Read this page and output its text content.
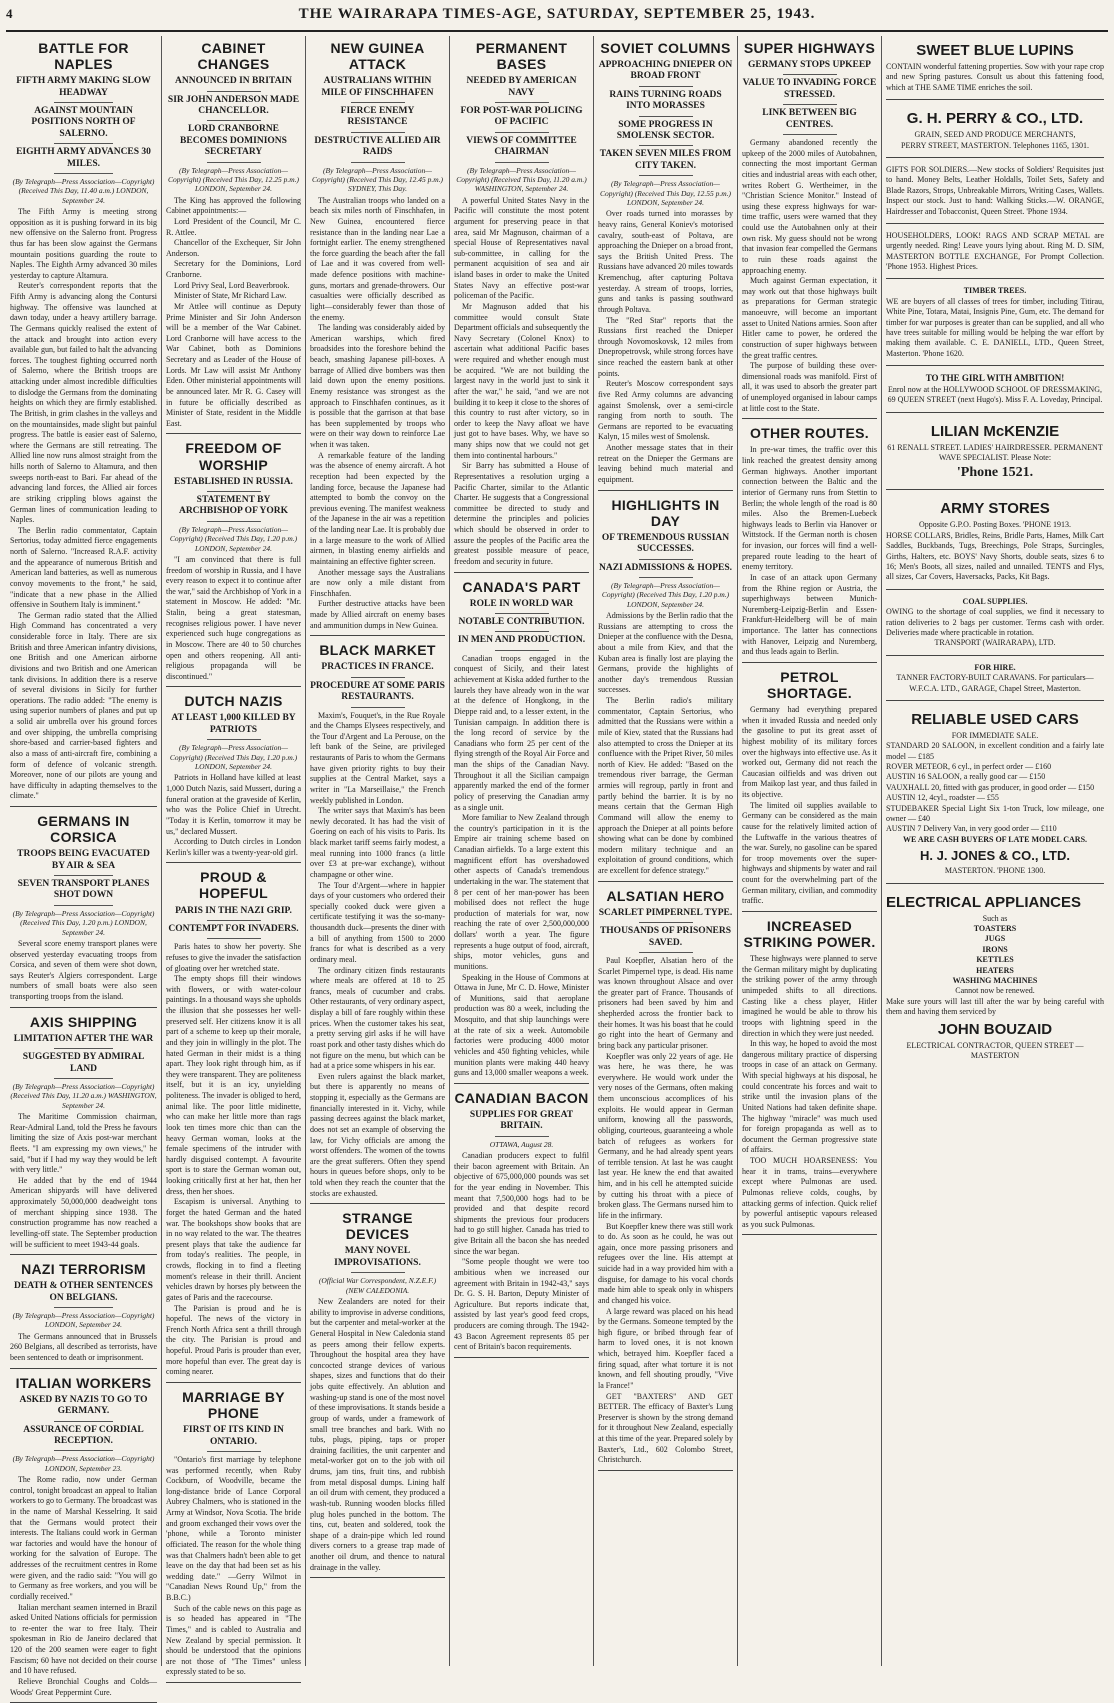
4	THE WAIRARAPA TIMES-AGE, SATURDAY, SEPTEMBER 25, 1943.
BATTLE FOR NAPLES
FIFTH ARMY MAKING SLOW HEADWAY
AGAINST MOUNTAIN POSITIONS NORTH OF SALERNO.
EIGHTH ARMY ADVANCES 30 MILES.
(By Telegraph—Press Association—Copyright) (Received This Day, 11.40 a.m.) LONDON, September 24.

The Fifth Army is meeting strong opposition as it is pushing forward in its big new offensive on the Salerno front. Progress thus far has been slow against the Germans mountain positions guarding the route to Naples. The Eighth Army advanced 30 miles yesterday to capture Altamura.

Reuter's correspondent reports that the Fifth Army is advancing along the Contursi highway. The offensive was launched at dawn today, under a heavy artillery barrage. The Germans quickly realised the extent of the attack and brought into action every available gun, but failed to halt the advancing forces. The toughest fighting occurred north of Salerno, where the British troops are attacking under almost incredible difficulties to dislodge the Germans from the dominating heights on which they are firmly established. The British, in grim clashes in the valleys and on the mountainsides, made slight but painful progress. The battle is easier east of Salerno, where the Germans are still retreating. The Allied line now runs almost straight from the hills north of Salerno to Altamura, and then sweeps north-east to Bari. Far ahead of the advancing land forces, the Allied air forces are striking crippling blows against the German lines of communication leading to Naples.

The Berlin radio commentator, Captain Sertorius, today admitted fierce engagements north of Salerno. "Increased R.A.F. activity and the appearance of numerous British and American land batteries, as well as numerous convoy movements to the front," he said, "indicate that a new phase in the Allied offensive in Southern Italy is imminent."

The German radio stated that the Allied High Command has concentrated a very considerable force in Italy. There are six British and three American infantry divisions, one British and one American airborne divisions and two British and one American tank divisions. In addition there is a reserve of several divisions in Sicily for further operations. The radio added: "The enemy is using superior numbers of planes and put up a solid air umbrella over his ground forces and over shipping, the umbrella comprising shore-based and carrier-based fighters and also a mass of anti-aircraft fire, combining a form of defence of volcanic strength. Moreover, none of our pilots are young and have difficulty in adapting themselves to the climate."

GERMANS IN CORSICA
TROOPS BEING EVACUATED BY AIR & SEA
SEVEN TRANSPORT PLANES SHOT DOWN
(By Telegraph—Press Association—Copyright) (Received This Day, 1.20 p.m.) LONDON, September 24.

Several score enemy transport planes were observed yesterday evacuating troops from Corsica, and seven of them were shot down, says Reuter's Algiers correspondent. Large numbers of small boats were also seen transporting troops from the island.

AXIS SHIPPING
LIMITATION AFTER THE WAR
SUGGESTED BY ADMIRAL LAND
(By Telegraph—Press Association—Copyright) (Received This Day, 11.20 a.m.) WASHINGTON, September 24.

The Maritime Commission chairman, Rear-Admiral Land, told the Press he favours limiting the size of Axis post-war merchant fleets. "I am expressing my own views," he said, "but if I had my way they would be left with very little."

He added that by the end of 1944 American shipyards will have delivered approximately 50,000,000 deadweight tons of merchant shipping since 1938. The construction programme has now reached a levelling-off state. The September production will be sufficient to meet 1943-44 goals.

NAZI TERRORISM
DEATH & OTHER SENTENCES ON BELGIANS.
(By Telegraph—Press Association—Copyright) LONDON, September 24.

The Germans announced that in Brussels 260 Belgians, all described as terrorists, have been sentenced to death or imprisonment.

ITALIAN WORKERS
ASKED BY NAZIS TO GO TO GERMANY.
ASSURANCE OF CORDIAL RECEPTION.
(By Telegraph—Press Association—Copyright) LONDON, September 23.

The Rome radio, now under German control, tonight broadcast an appeal to Italian workers to go to Germany. The broadcast was in the name of Marshal Kesselring. It said that the Germans would protect their interests. The Italians could work in German war factories and would have the honour of working for the salvation of Europe. The addresses of the recruitment centres in Rome were given, and the radio said: "You will go to Germany as free workers, and you will be cordially received."

Italian merchant seamen interned in Brazil asked United Nations officials for permission to re-enter the war to free Italy. Their spokesman in Rio de Janeiro declared that 120 of the 200 seamen were eager to fight Fascism; 60 have not decided on their course and 10 have refused.

Relieve Bronchial Coughs and Colds—Woods' Great Peppermint Cure.

CABINET CHANGES
ANNOUNCED IN BRITAIN
SIR JOHN ANDERSON MADE CHANCELLOR.
LORD CRANBORNE BECOMES DOMINIONS SECRETARY
(By Telegraph—Press Association—Copyright) (Received This Day, 12.25 p.m.) LONDON, September 24.

The King has approved the following Cabinet appointments:—

Lord President of the Council, Mr C. R. Attlee.

Chancellor of the Exchequer, Sir John Anderson.

Secretary for the Dominions, Lord Cranborne.

Lord Privy Seal, Lord Beaverbrook.

Minister of State, Mr Richard Law.

Mr Attlee will continue as Deputy Prime Minister and Sir John Anderson will be a member of the War Cabinet. Lord Cranborne will have access to the War Cabinet, both as Dominions Secretary and as Leader of the House of Lords. Mr Law will assist Mr Anthony Eden. Other ministerial appointments will be announced later. Mr R. G. Casey will in future be officially described as Minister of State, resident in the Middle East.

FREEDOM OF WORSHIP
ESTABLISHED IN RUSSIA.
STATEMENT BY ARCHBISHOP OF YORK
(By Telegraph—Press Association—Copyright) (Received This Day, 1.20 p.m.) LONDON, September 24.

"I am convinced that there is full freedom of worship in Russia, and I have every reason to expect it to continue after the war," said the Archbishop of York in a statement in Moscow. He added: "Mr. Stalin, being a great statesman, recognises religious power. I have never experienced such huge congregations as in Moscow. There are 40 to 50 churches open and others reopening. All anti-religious propaganda will be discontinued."

DUTCH NAZIS
AT LEAST 1,000 KILLED BY PATRIOTS
(By Telegraph—Press Association—Copyright) (Received This Day, 1.20 p.m.) LONDON, September 24.

Patriots in Holland have killed at least 1,000 Dutch Nazis, said Mussert, during a funeral oration at the graveside of Kerlin, who was the Police Chief in Utrecht. "Today it is Kerlin, tomorrow it may be us," declared Mussert.

According to Dutch circles in London Kerlin's killer was a twenty-year-old girl.

PROUD & HOPEFUL
PARIS IN THE NAZI GRIP.
CONTEMPT FOR INVADERS.

Paris hates to show her poverty. She refuses to give the invader the satisfaction of gloating over her wretched state.

The empty shops fill their windows with flowers, or with water-colour paintings. In a thousand ways she upholds the illusion that she possesses her well-preserved self. Her citizens know it is all part of a scheme to keep up their morale, and they join in willingly in the plot. The hated German in their midst is a thing apart. They look right through him, as if they were transparent. They are politeness itself, but it is an icy, unyielding politeness. The invader is obliged to herd, animal like. The poor little midinette, who can make her little more than rags look ten times more chic than can the heavy German woman, looks at the female specimens of the intruder with hardly disguised contempt. A favourite sport is to stare the German woman out, looking critically first at her hat, then her dress, then her shoes.

Escapism is universal. Anything to forget the hated German and the hated war. The bookshops show books that are in no way related to the war. The theatres present plays that take the audience far from today's realities. The people, in crowds, flocking in to find a fleeting moment's release in their thrill. Ancient vehicles drawn by horses ply between the gates of Paris and the racecourse.

The Parisian is proud and he is hopeful. The news of the victory in French North Africa sent a thrill through the city. The Parisian is proud and hopeful. Proud Paris is prouder than ever, more hopeful than ever. The great day is coming nearer.

MARRIAGE BY PHONE
FIRST OF ITS KIND IN ONTARIO.

"Ontario's first marriage by telephone was performed recently, when Ruby Cockburn, of Woodville, became the long-distance bride of Lance Corporal Aubrey Chalmers, who is stationed in the Army at Windsor, Nova Scotia. The bride and groom exchanged their vows over the 'phone, while a Toronto minister officiated. The reason for the whole thing was that Chalmers hadn't been able to get leave on the day that had been set as his wedding date." —Gerry Wilmot in "Canadian News Round Up," from the B.B.C.)

Such of the cable news on this page as is so headed has appeared in "The Times," and is cabled to Australia and New Zealand by special permission. It should be understood that the opinions are not those of "The Times" unless expressly stated to be so.

NEW GUINEA ATTACK
AUSTRALIANS WITHIN MILE OF FINSCHHAFEN
FIERCE ENEMY RESISTANCE
DESTRUCTIVE ALLIED AIR RAIDS
(By Telegraph—Press Association—Copyright) (Received This Day, 12.45 p.m.) SYDNEY, This Day.

The Australian troops who landed on a beach six miles north of Finschhafen, in New Guinea, encountered fierce resistance than in the landing near Lae a fortnight earlier. The enemy strengthened the force guarding the beach after the fall of Lae and it was covered from well-made defence positions with machine-guns, mortars and grenade-throwers. Our casualties were officially described as light—considerably fewer than those of the enemy.

The landing was considerably aided by American warships, which fired broadsides into the foreshore behind the beach, smashing Japanese pill-boxes. A barrage of Allied dive bombers was then laid down upon the enemy positions. Enemy resistance was strongest as the approach to Finschhafen continues, as it is possible that the garrison at that base has been supplemented by troops who were on their way down to reinforce Lae when it was taken.

A remarkable feature of the landing was the absence of enemy aircraft. A hot reception had been expected by the landing force, because the Japanese had attempted to bomb the convoy on the previous evening. The manifest weakness of the Japanese in the air was a repetition of the landing near Lae. It is probably due in a large measure to the work of Allied airmen, in blasting enemy airfields and maintaining an effective fighter screen.

Another message says the Australians are now only a mile distant from Finschhafen.

Further destructive attacks have been made by Allied aircraft on enemy bases and ammunition dumps in New Guinea.

BLACK MARKET
PRACTICES IN FRANCE.
PROCEDURE AT SOME PARIS RESTAURANTS.

Maxim's, Fouquet's, in the Rue Royale and the Champs Elysees respectively, and the Tour d'Argent and La Perouse, on the left bank of the Seine, are privileged restaurants of Paris to whom the Germans have given priority rights to buy their supplies at the Central Market, says a writer in "La Marseillaise," the French weekly published in London.

The writer says that Maxim's has been newly decorated. It has had the visit of Goering on each of his visits to Paris. Its black market tariff seems fairly modest, a meal running into 1000 francs (a little over £3 at pre-war exchange), without champagne or other wine.

The Tour d'Argent—where in happier days of your customers who ordered their specially cooked duck were given a certificate testifying it was the so-many-thousandth duck—presents the diner with a bill of anything from 1500 to 2000 francs for what is described as a very ordinary meal.

The ordinary citizen finds restaurants where meals are offered at 18 to 25 francs, meals of cucumber and crabs. Other restaurants, of very ordinary aspect, display a bill of fare roughly within these prices. When the customer takes his seat, a pretty serving girl asks if he will have roast pork and other tasty dishes which do not figure on the menu, but which can be had at a price some whispers in his ear.

Even rulers against the black market, but there is apparently no means of stopping it, especially as the Germans are financially interested in it. Vichy, while passing decrees against the black market, does not set an example of observing the law, for Vichy officials are among the worst offenders. The women of the towns are the great sufferers. Often they spend hours in queues before shops, only to be told when they reach the counter that the stocks are exhausted.

STRANGE DEVICES
MANY NOVEL IMPROVISATIONS.
(Official War Correspondent, N.Z.E.F.) (NEW CALEDONIA.

New Zealanders are noted for their ability to improvise in adverse conditions, but the carpenter and metal-worker at the General Hospital in New Caledonia stand as peers among their fellow experts. Throughout the hospital area they have concocted strange devices of various shapes, sizes and functions that do their jobs quite effectively. An ablution and washing-up stand is one of the most novel of these improvisations. It stands beside a group of wards, under a framework of small tree branches and bark. With no tubs, plugs, piping, taps or proper draining facilities, the unit carpenter and metal-worker got on to the job with oil drums, jam tins, fruit tins, and rubbish from metal disposal dumps. Lining half an oil drum with cement, they produced a wash-tub. Running wooden blocks filled plug holes punched in the bottom. The tins, cut, beaten and soldered, took the shape of a drain-pipe which led round divers corners to a grease trap made of another oil drum, and thence to natural drainage in the valley.

PERMANENT BASES
NEEDED BY AMERICAN NAVY
FOR POST-WAR POLICING OF PACIFIC
VIEWS OF COMMITTEE CHAIRMAN
(By Telegraph—Press Association—Copyright) (Received This Day, 11.20 a.m.) WASHINGTON, September 24.

A powerful United States Navy in the Pacific will constitute the most potent argument for preserving peace in that area, said Mr Magnuson, chairman of a special House of Representatives naval sub-committee, in calling for the permanent acquisition of sea and air island bases in order to make the United States Navy an effective post-war policeman of the Pacific.

Mr Magnuson added that his committee would consult State Department officials and subsequently the Navy Secretary (Colonel Knox) to ascertain what additional Pacific bases were required and whether enough must be acquired. "We are not building the largest navy in the world just to sink it after the war," he said, "and we are not building it to keep it close to the shores of this country to rust after victory, so in order to keep the Navy afloat we have just got to have bases. Why, we have so many ships now that we could not get them into continental harbours."

Sir Barry has submitted a House of Representatives a resolution urging a Pacific Charter, similar to the Atlantic Charter. He suggests that a Congressional committee be directed to study and determine the principles and policies which should be observed in order to assure the peoples of the Pacific area the greatest possible measure of peace, freedom and security in future.

CANADA'S PART
ROLE IN WORLD WAR
NOTABLE CONTRIBUTION.
IN MEN AND PRODUCTION.

Canadian troops engaged in the conquest of Sicily, and their latest achievement at Kiska added further to the laurels they have already won in the war at the defence of Hongkong, in the Dieppe raid and, to a lesser extent, in the Tunisian campaign. In addition there is the long record of service by the Canadians who form 25 per cent of the flying strength of the Royal Air Force and man the ships of the Canadian Navy. Throughout it all the Sicilian campaign apparently marked the end of the former policy of preserving the Canadian army as a single unit.

More familiar to New Zealand through the country's participation in it is the Empire air training scheme based on Canadian airfields. To a large extent this magnificent effort has overshadowed other aspects of Canada's tremendous undertaking in the war. The statement that 8 per cent of her man-power has been mobilised does not reflect the huge production of materials for war, now reaching the rate of over 2,500,000,000 dollars' worth a year. The figure represents a huge output of food, aircraft, ships, motor vehicles, guns and munitions.

Speaking in the House of Commons at Ottawa in June, Mr C. D. Howe, Minister of Munitions, said that aeroplane production was 80 a week, including the Mosquito, and that ship launchings were at the rate of six a week. Automobile factories were producing 4000 motor vehicles and 450 fighting vehicles, while munition plants were making 440 heavy guns and 13,000 smaller weapons a week.

CANADIAN BACON
SUPPLIES FOR GREAT BRITAIN.
OTTAWA, August 28.

Canadian producers expect to fulfil their bacon agreement with Britain. An objective of 675,000,000 pounds was set for the year ending in November. This meant that 7,500,000 hogs had to be provided and that despite record shipments the previous four producers had to go still higher. Canada has tried to give Britain all the bacon she has needed since the war began.

"Some people thought we were too ambitious when we increased our agreement with Britain in 1942-43," says Dr. G. S. H. Barton, Deputy Minister of Agriculture. But reports indicate that, assisted by last year's good feed crops, producers are coming through. The 1942-43 Bacon Agreement represents 85 per cent of Britain's bacon requirements.

SOVIET COLUMNS
APPROACHING DNIEPER ON BROAD FRONT
RAINS TURNING ROADS INTO MORASSES
SOME PROGRESS IN SMOLENSK SECTOR.
TAKEN SEVEN MILES FROM CITY TAKEN.
(By Telegraph—Press Association—Copyright) (Received This Day, 12.55 p.m.) LONDON, September 24.

Over roads turned into morasses by heavy rains, General Koniev's motorised cavalry, south-east of Poltava, are approaching the Dnieper on a broad front, says the British United Press. The Russians have advanced 20 miles towards Kremenchug, after capturing Poltava yesterday. A stream of troops, lorries, guns and tanks is passing southward through Poltava.

The "Red Star" reports that the Russians first reached the Dnieper through Novomoskovsk, 12 miles from Dnepropetrovsk, while strong forces have since reached the eastern bank at other points.

Reuter's Moscow correspondent says five Red Army columns are advancing against Smolensk, over a semi-circle ranging from north to south. The Germans are reported to be evacuating Kalyn, 15 miles west of Smolensk.

Another message states that in their retreat on the Dnieper the Germans are leaving behind much material and equipment.

HIGHLIGHTS IN DAY
OF TREMENDOUS RUSSIAN SUCCESSES.
NAZI ADMISSIONS & HOPES.
(By Telegraph—Press Association—Copyright) (Received This Day, 1.20 p.m.) LONDON, September 24.

Admissions by the Berlin radio that the Russians are attempting to cross the Dnieper at the confluence with the Desna, about a mile from Kiev, and that the Kuban area is finally lost are playing the Germans, provide the highlights of another day's tremendous Russian successes.

The Berlin radio's military commentator, Captain Sertorius, who admitted that the Russians were within a mile of Kiev, stated that the Russians had also attempted to cross the Dnieper at its confluence with the Pripet River, 50 miles north of Kiev. He added: "Based on the tremendous river barrage, the German armies will regroup, partly in front and partly behind the barrier. It is by no means certain that the German High Command will allow the enemy to approach the Dnieper at all points before showing what can be done by combined modern military technique and an exploitation of ground conditions, which are excellent for defence strategy."

ALSATIAN HERO
SCARLET PIMPERNEL TYPE.
THOUSANDS OF PRISONERS SAVED.

Paul Koepfler, Alsatian hero of the Scarlet Pimpernel type, is dead. His name was known throughout Alsace and over the greater part of France. Thousands of prisoners had been saved by him and shepherded across the frontier back to their homes. It was his boast that he could go right into the heart of Germany and bring back any particular prisoner.

Koepfler was only 22 years of age. He was here, he was there, he was everywhere. He would work under the very noses of the Germans, often making them unconscious accomplices of his exploits. He would appear in German uniform, knowing all the passwords, obliging, courteous, guaranteeing a whole batch of refugees as workers for Germany, and he had already spent years of terrible tension. At last he was caught last year. He knew the end that awaited him, and in his cell he attempted suicide by cutting his throat with a piece of broken glass. The Germans nursed him to life in the infirmary.

But Koepfler knew there was still work to do. As soon as he could, he was out again, once more passing prisoners and refugees over the line. His attempt at suicide had in a way provided him with a disguise, for damage to his vocal chords made him able to speak only in whispers and changed his voice.

A large reward was placed on his head by the Germans. Someone tempted by the high figure, or bribed through fear of harm to loved ones, it is not known which, betrayed him. Koepfler faced a firing squad, after what torture it is not known, and fell shouting proudly, "Vive la France!"

GET "BAXTERS" AND GET BETTER. The efficacy of Baxter's Lung Preserver is shown by the strong demand for it throughout New Zealand, especially at this time of the year. Prepared solely by Baxter's, Ltd., 602 Colombo Street, Christchurch.

SUPER HIGHWAYS
GERMANY STOPS UPKEEP
VALUE TO INVADING FORCE STRESSED.
LINK BETWEEN BIG CENTRES.

Germany abandoned recently the upkeep of the 2000 miles of Autobahnen, connecting the most important German cities and industrial areas with each other, writes Robert G. Wertheimer, in the "Christian Science Monitor." Instead of using these express highways for war-time traffic, users were warned that they could use the Autobahnen only at their own risk. My guess should not be wrong that invasion fear compelled the Germans to ruin these roads against the approaching enemy.

Much against German expectation, it may work out that those highways built as preparations for German strategic manoeuvre, will become an important asset to United Nations armies. Soon after Hitler came to power, he ordered the construction of super highways between the great traffic centres.

The purpose of building these over-dimensional roads was manifold. First of all, it was used to absorb the greater part of unemployed organised in labour camps at little cost to the State.

OTHER ROUTES.

In pre-war times, the traffic over this link reached the greatest density among German highways. Another important connection between the Baltic and the interior of Germany runs from Stettin to Berlin; the whole length of the road is 80 miles. Also the Bremen-Luebeck highways leads to Berlin via Hanover or Wittstock. If the German north is chosen for invasion, our forces will find a well-prepared route leading to the heart of enemy territory.

In case of an attack upon Germany from the Rhine region or Austria, the superhighways between Munich-Nuremberg-Leipzig-Berlin and Essen-Frankfurt-Heidelberg will be of main importance. The latter has connections with Hanover, Leipzig and Nuremberg, and thus leads again to Berlin.

PETROL SHORTAGE.

Germany had everything prepared when it invaded Russia and needed only the gasoline to put its great asset of highest mobility of its military forces over the highways into effective use. As it worked out, Germany did not reach the Caucasian oilfields and was driven out from Maikop last year, and thus failed in its objective.

The limited oil supplies available to Germany can be considered as the main cause for the relatively limited action of the Luftwaffe in the various theatres of the war. Surely, no gasoline can be spared for troop movements over the super-highways and shipments by water and rail count for the overwhelming part of the German military, civilian, and commodity traffic.

INCREASED STRIKING POWER.

These highways were planned to serve the German military might by duplicating the striking power of the army through unimpeded shifts to all directions. Casting like a chess player, Hitler imagined he would be able to throw his troops with lightning speed in the direction in which they were just needed.

In this way, he hoped to avoid the most dangerous military practice of dispersing troops in case of an attack on Germany. With special highways at his disposal, he could concentrate his forces and wait to strike until the invasion plans of the United Nations had taken definite shape. The highway "miracle" was much used for foreign propaganda as well as to document the German progressive state of affairs.

TOO MUCH HOARSENESS: You hear it in trams, trains—everywhere except where Pulmonas are used. Pulmonas relieve colds, coughs, by attacking germs of infection. Quick relief by powerful antiseptic vapours released as you suck Pulmonas.

SWEET BLUE LUPINS
CONTAIN wonderful fattening properties. Sow with your rape crop and new Spring pastures. Consult us about this fattening food, which at THE SAME TIME enriches the soil.
G. H. PERRY & CO., LTD.
GRAIN, SEED AND PRODUCE MERCHANTS,
PERRY STREET, MASTERTON. Telephones 1165, 1301.
GIFTS FOR SOLDIERS.—New stocks of Soldiers' Requisites just to hand. Money Belts, Leather Holdalls, Toilet Sets, Safety and Blade Razors, Strops, Unbreakable Mirrors, Writing Cases, Wallets. Inspect our stock. Just to hand: Walking Sticks.—W. ORANGE, Hairdresser and Tobacconist, Queen Street. 'Phone 1934.
HOUSEHOLDERS, LOOK! RAGS AND SCRAP METAL are urgently needed. Ring! Leave yours lying about. Ring M. D. SIM, MASTERTON BOTTLE EXCHANGE, For Prompt Collection. 'Phone 1953. Highest Prices.
TIMBER TREES.
WE are buyers of all classes of trees for timber, including Titirau, White Pine, Totara, Matai, Insignis Pine, Gum, etc. The demand for timber for war purposes is greater than can be supplied, and all who have trees suitable for milling would be helping the war effort by making them available. C. E. DANIELL, LTD., Queen Street, Masterton. 'Phone 1620.
TO THE GIRL WITH AMBITION!
Enrol now at the HOLLYWOOD SCHOOL OF DRESSMAKING, 69 QUEEN STREET (next Hugo's). Miss F. A. Loveday, Principal.
LILIAN McKENZIE
61 RENALL STREET. LADIES' HAIRDRESSER. PERMANENT WAVE SPECIALIST. Please Note:
'Phone 1521.
ARMY STORES
Opposite G.P.O. Posting Boxes. 'PHONE 1913.
HORSE COLLARS, Bridles, Reins, Bridle Parts, Hames, Milk Cart Saddles, Buckbands, Tugs, Breechings, Pole Straps, Surcingles, Girths, Halters, etc. BOYS' Navy Shorts, double seats, sizes 6 to 16; Men's Boots, all sizes, nailed and unnailed. TENTS and Flys, all sizes, Car Covers, Haversacks, Packs, Kit Bags.
COAL SUPPLIES.
OWING to the shortage of coal supplies, we find it necessary to ration deliveries to 2 bags per customer. Terms cash with order. Deliveries made where practicable in rotation.
TRANSPORT (WAIRARAPA), LTD.
FOR HIRE.
TANNER FACTORY-BUILT CARAVANS. For particulars—W.F.C.A. LTD., GARAGE, Chapel Street, Masterton.
RELIABLE USED CARS
FOR IMMEDIATE SALE.
STANDARD 20 SALOON, in excellent condition and a fairly late model — £185
ROVER METEOR, 6 cyl., in perfect order — £160
AUSTIN 16 SALOON, a really good car — £150
VAUXHALL 20, fitted with gas producer, in good order — £150
AUSTIN 12, 4cyl., roadster — £55
STUDEBAKER Special Light Six 1-ton Truck, low mileage, one owner — £40
AUSTIN 7 Delivery Van, in very good order — £110
WE ARE CASH BUYERS OF LATE MODEL CARS.
H. J. JONES & CO., LTD.
MASTERTON. 'PHONE 1300.
ELECTRICAL APPLIANCES
Such as
TOASTERS
JUGS
IRONS
KETTLES
HEATERS
WASHING MACHINES
Cannot now be renewed.
Make sure yours will last till after the war by being careful with them and having them serviced by
JOHN BOUZAID
ELECTRICAL CONTRACTOR, QUEEN STREET — MASTERTON
